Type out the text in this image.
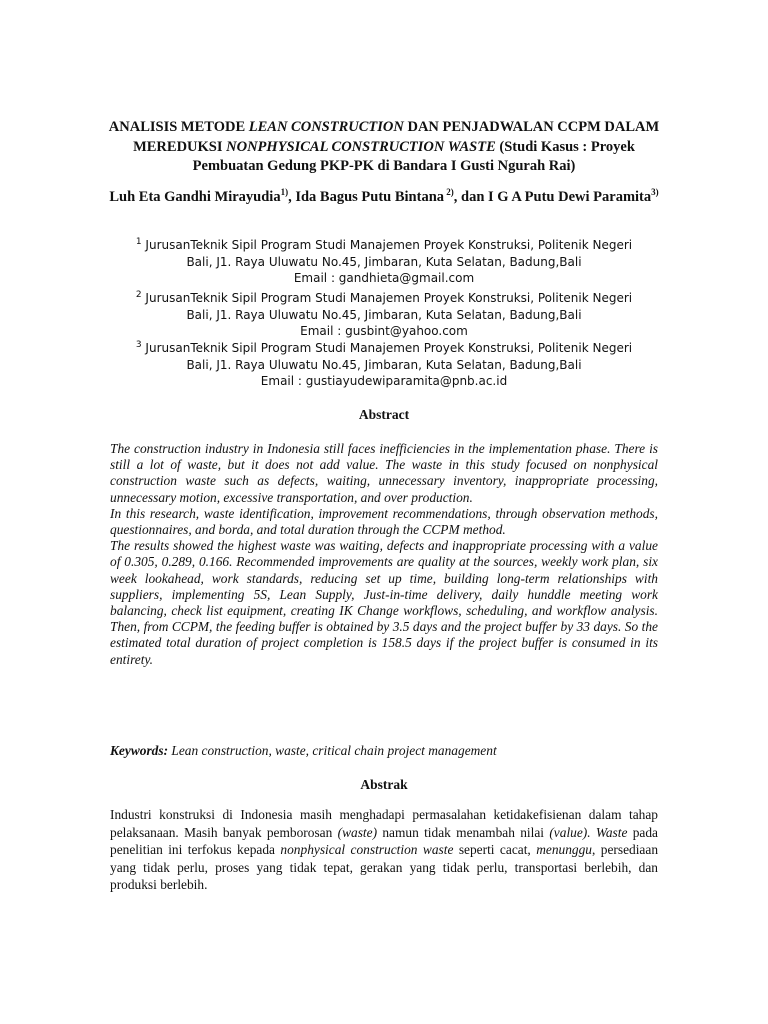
ANALISIS METODE LEAN CONSTRUCTION DAN PENJADWALAN CCPM DALAM MEREDUKSI NONPHYSICAL CONSTRUCTION WASTE (Studi Kasus : Proyek Pembuatan Gedung PKP-PK di Bandara I Gusti Ngurah Rai)
Luh Eta Gandhi Mirayudia$^{1)}$, Ida Bagus Putu Bintana $^{2)}$, dan I G A Putu Dewi Paramita$^{3)}$
$^1$ JurusanTeknik Sipil Program Studi Manajemen Proyek Konstruksi, Politenik Negeri
Bali, J1. Raya Uluwatu No.45, Jimbaran, Kuta Selatan, Badung,Bali
Email : gandhieta@gmail.com
$^2$ JurusanTeknik Sipil Program Studi Manajemen Proyek Konstruksi, Politenik Negeri
Bali, J1. Raya Uluwatu No.45, Jimbaran, Kuta Selatan, Badung,Bali
Email : gusbint@yahoo.com
$^3$ JurusanTeknik Sipil Program Studi Manajemen Proyek Konstruksi, Politenik Negeri
Bali, J1. Raya Uluwatu No.45, Jimbaran, Kuta Selatan, Badung,Bali
Email : gustiayudewiparamita@pnb.ac.id
Abstract

The construction industry in Indonesia still faces inefficiencies in the implementation phase. There is still a lot of waste, but it does not add value. The waste in this study focused on nonphysical construction waste such as defects, waiting, unnecessary inventory, inappropriate processing, unnecessary motion, excessive transportation, and over production.

In this research, waste identification, improvement recommendations, through observation methods, questionnaires, and borda, and total duration through the CCPM method.

The results showed the highest waste was waiting, defects and inappropriate processing with a value of 0.305, 0.289, 0.166. Recommended improvements are quality at the sources, weekly work plan, six week lookahead, work standards, reducing set up time, building long-term relationships with suppliers, implementing 5S, Lean Supply, Just-in-time delivery, daily hunddle meeting work balancing, check list equipment, creating IK Change workflows, scheduling, and workflow analysis. Then, from CCPM, the feeding buffer is obtained by 3.5 days and the project buffer by 33 days. So the estimated total duration of project completion is 158.5 days if the project buffer is consumed in its entirety.

Keywords: Lean construction, waste, critical chain project management
Abstrak
Industri konstruksi di Indonesia masih menghadapi permasalahan ketidakefisienan dalam tahap pelaksanaan. Masih banyak pemborosan (waste) namun tidak menambah nilai (value). Waste pada penelitian ini terfokus kepada nonphysical construction waste seperti cacat, menunggu, persediaan yang tidak perlu, proses yang tidak tepat, gerakan yang tidak perlu, transportasi berlebih, dan produksi berlebih.
